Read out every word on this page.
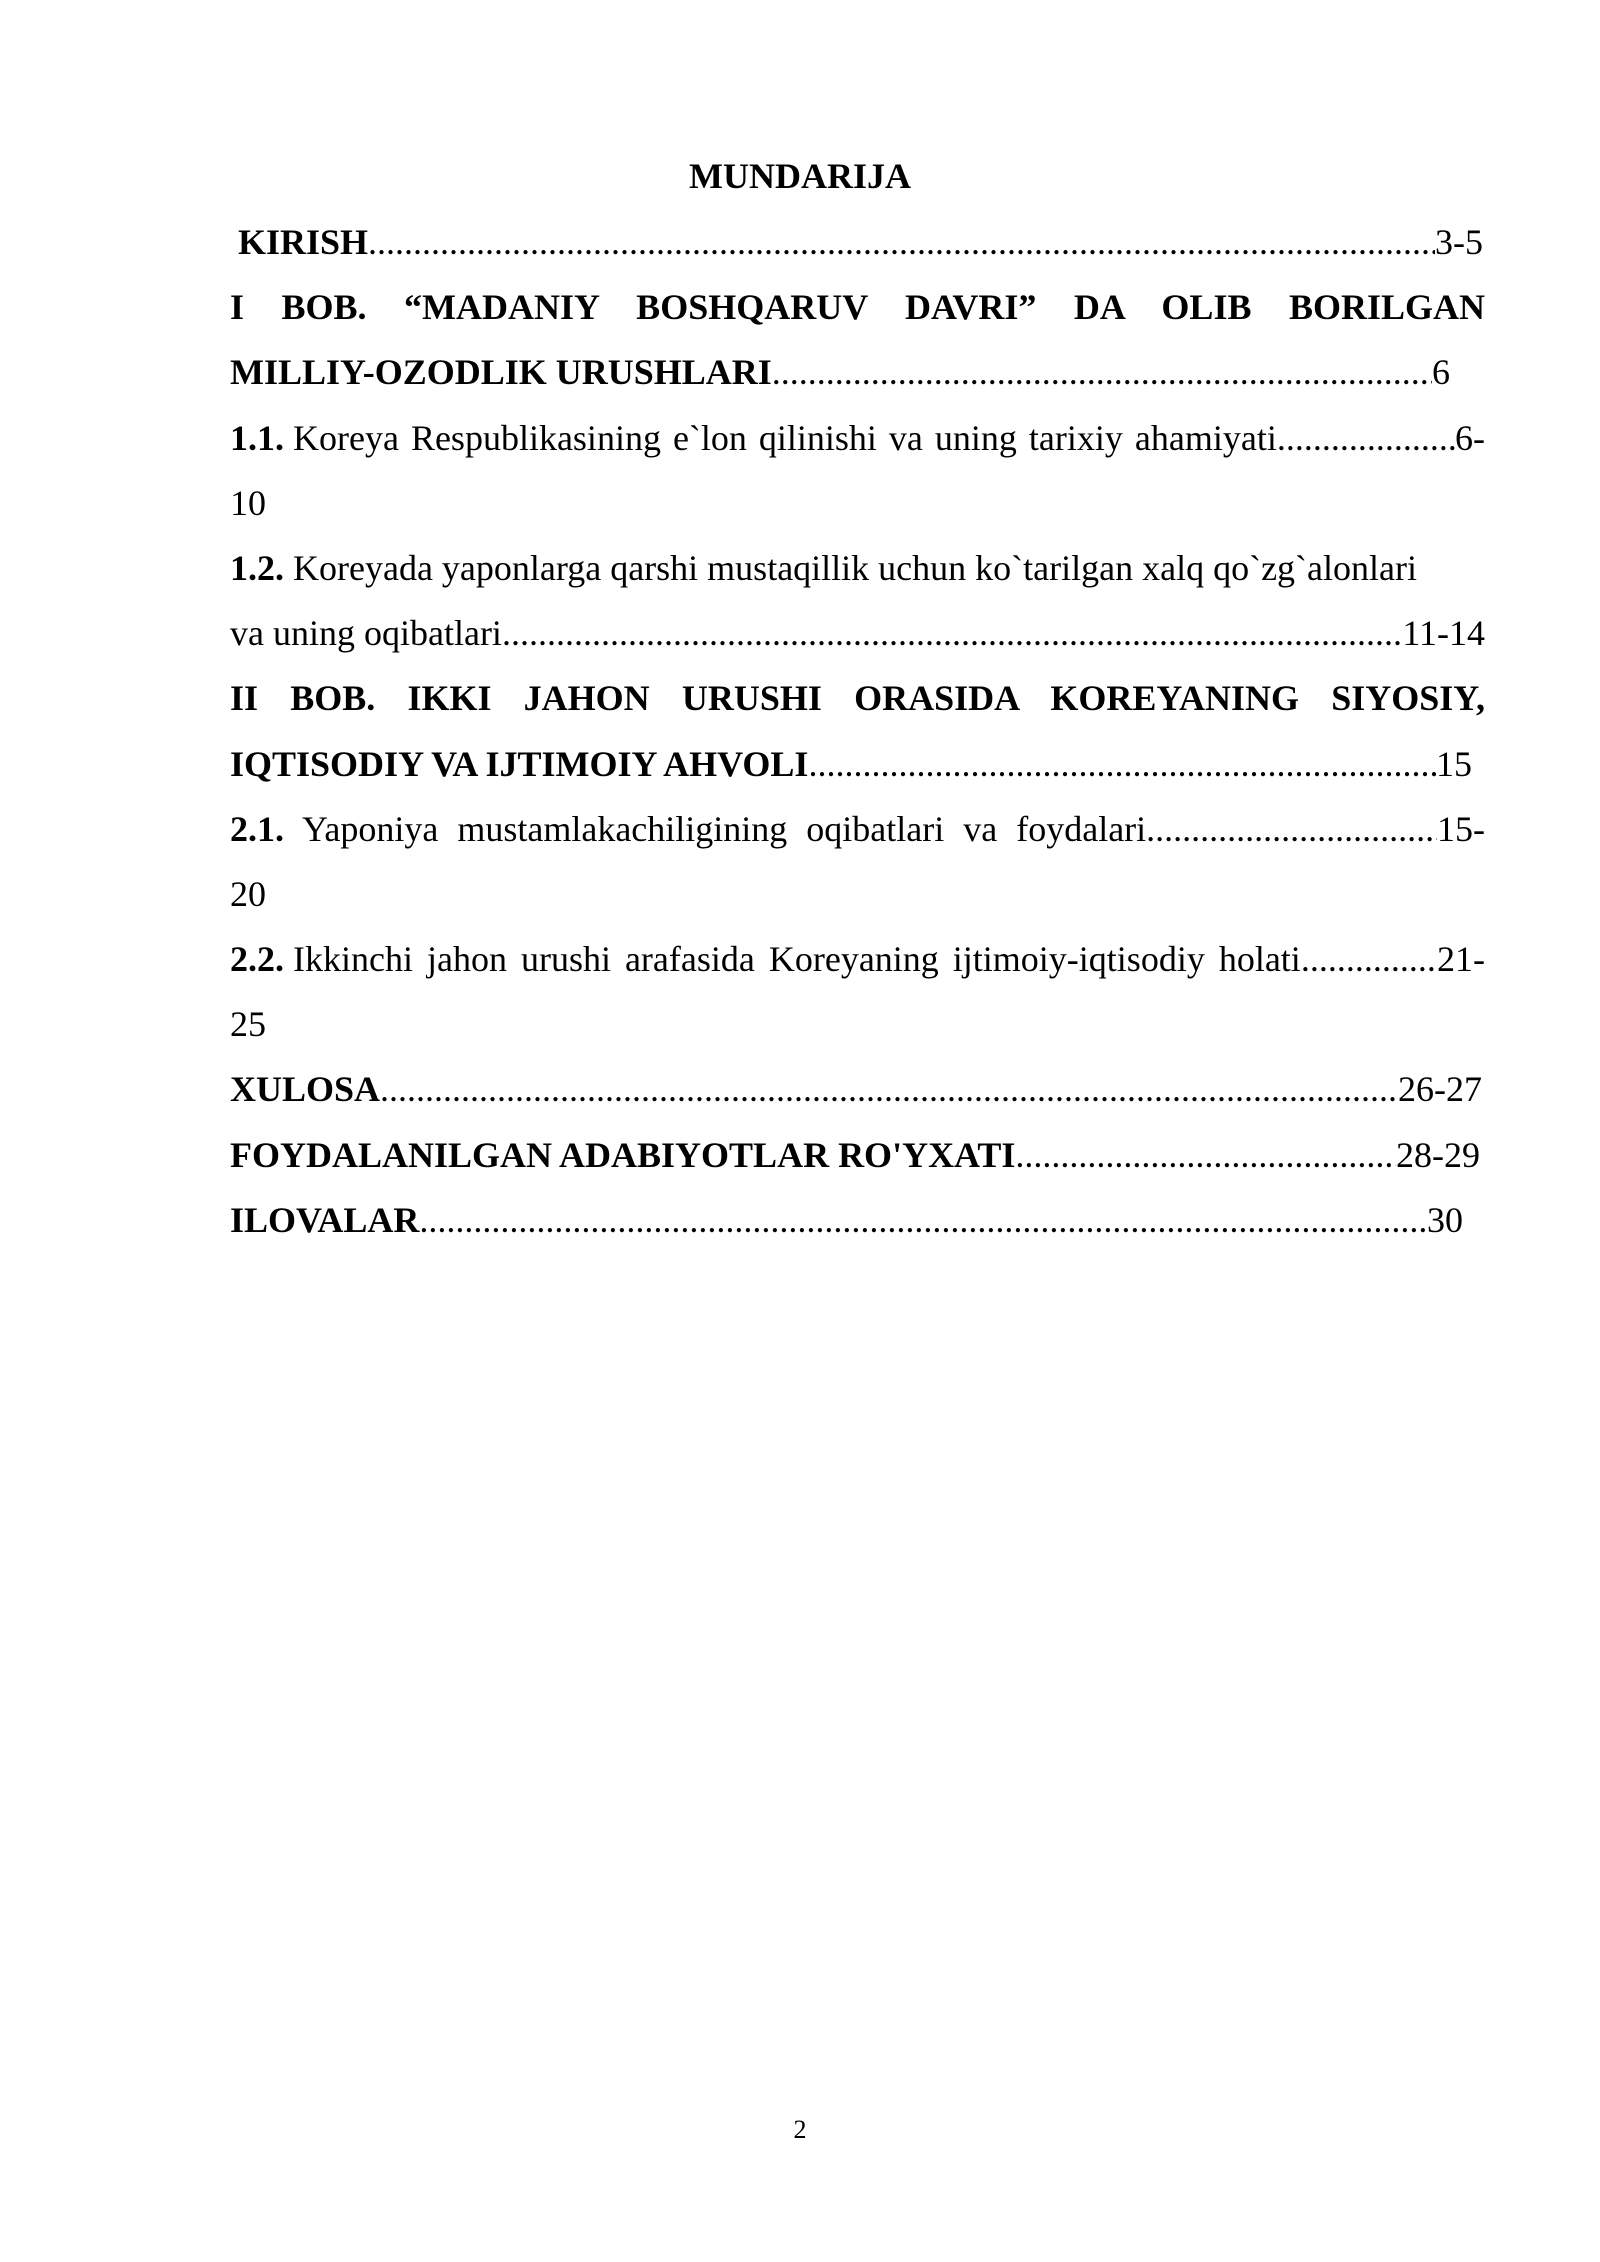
MUNDARIJA
KIRISH .....	3-5
I BOB. “MADANIY BOSHQARUV DAVRI” DA OLIB BORILGAN
MILLIY-OZODLIK URUSHLARI .....	6
1.1. Koreya Respublikasining e`lon qilinishi va uning tarixiy ahamiyati .....	6-
10
1.2. Koreyada yaponlarga qarshi mustaqillik uchun ko`tarilgan xalq qo`zg`alonlari
va uning oqibatlari .....	11-14
II BOB. IKKI JAHON URUSHI ORASIDA KOREYANING SIYOSIY,
IQTISODIY VA IJTIMOIY AHVOLI .....	15
2.1. Yaponiya mustamlakachiligining oqibatlari va foydalari .....	15-
20
2.2. Ikkinchi jahon urushi arafasida Koreyaning ijtimoiy-iqtisodiy holati .....	21-
25
XULOSA .....	26-27
FOYDALANILGAN ADABIYOTLAR RO'YXATI .....	28-29
ILOVALAR .....	30
2
